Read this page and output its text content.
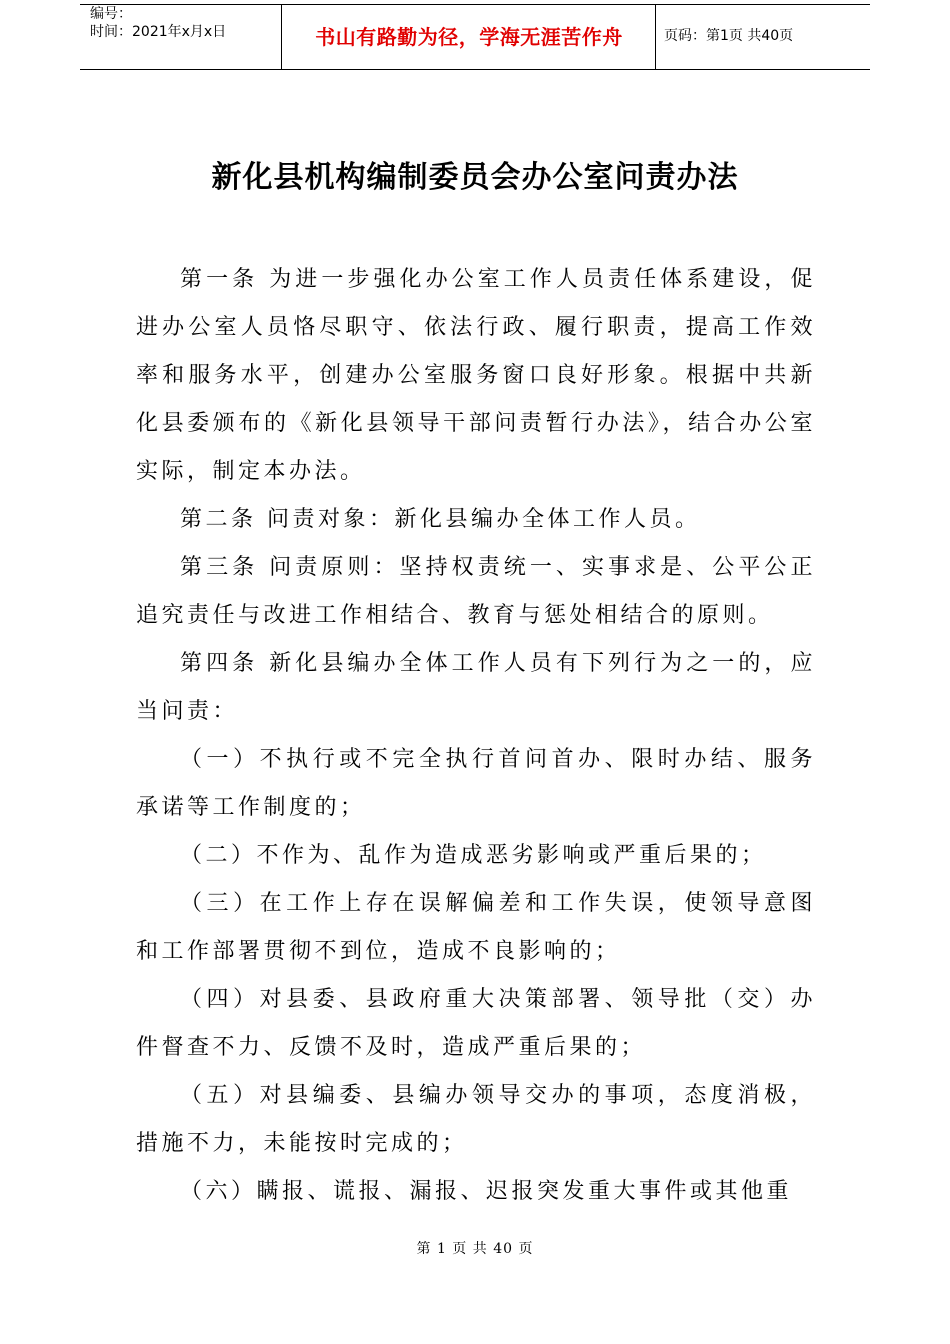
编号：
时间：2021年x月x日	书山有路勤为径，学海无涯苦作舟	页码：第1页 共40页
新化县机构编制委员会办公室问责办法

第一条 为进一步强化办公室工作人员责任体系建设，促进办公室人员恪尽职守、依法行政、履行职责，提高工作效率和服务水平，创建办公室服务窗口良好形象。根据中共新化县委颁布的《新化县领导干部问责暂行办法》，结合办公室实际，制定本办法。

第二条 问责对象：新化县编办全体工作人员。

第三条 问责原则：坚持权责统一、实事求是、公平公正追究责任与改进工作相结合、教育与惩处相结合的原则。

第四条 新化县编办全体工作人员有下列行为之一的，应当问责：

（一）不执行或不完全执行首问首办、限时办结、服务承诺等工作制度的；

（二）不作为、乱作为造成恶劣影响或严重后果的；

（三）在工作上存在误解偏差和工作失误，使领导意图和工作部署贯彻不到位，造成不良影响的；

（四）对县委、县政府重大决策部署、领导批（交）办件督查不力、反馈不及时，造成严重后果的；

（五）对县编委、县编办领导交办的事项，态度消极，措施不力，未能按时完成的；

（六）瞒报、谎报、漏报、迟报突发重大事件或其他重

第 1 页 共 40 页
